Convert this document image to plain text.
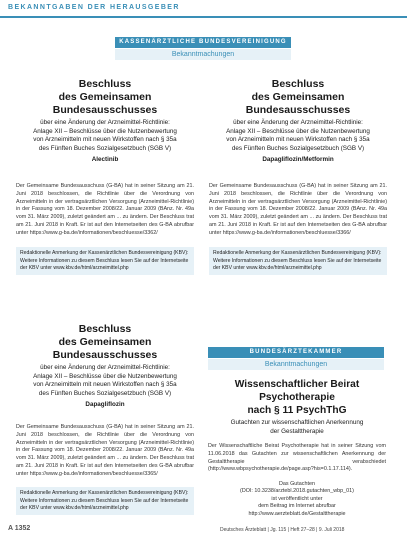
BEKANNTGABEN DER HERAUSGEBER
KASSENÄRZTLICHE BUNDESVEREINIGUNG
Bekanntmachungen
Beschluss
des Gemeinsamen Bundesausschusses
über eine Änderung der Arzneimittel-Richtlinie:
Anlage XII – Beschlüsse über die Nutzenbewertung
von Arzneimitteln mit neuen Wirkstoffen nach § 35a
des Fünften Buches Sozialgesetzbuch (SGB V)
Alectinib
Der Gemeinsame Bundesausschuss (G-BA) hat in seiner Sitzung am 21. Juni 2018 beschlossen, die Richtlinie über die Verordnung von Arzneimitteln in der vertragsärztlichen Versorgung (Arzneimittel-Richtlinie) in der Fassung vom 18. Dezember 2008/22. Januar 2009 (BAnz. Nr. 49a vom 31. März 2009), zuletzt geändert am ... zu ändern. Der Beschluss trat am 21. Juni 2018 in Kraft. Er ist auf den Internetseiten des G-BA abrufbar unter https://www.g-ba.de/informationen/beschluesse/3362/
Redaktionelle Anmerkung der Kassenärztlichen Bundesvereinigung (KBV): Weitere Informationen zu diesem Beschluss lesen Sie auf der Internetseite der KBV unter www.kbv.de/html/arzneimittel.php
Beschluss
des Gemeinsamen Bundesausschusses
über eine Änderung der Arzneimittel-Richtlinie:
Anlage XII – Beschlüsse über die Nutzenbewertung
von Arzneimitteln mit neuen Wirkstoffen nach § 35a
des Fünften Buches Sozialgesetzbuch (SGB V)
Dapagliflozin/Metformin
Der Gemeinsame Bundesausschuss (G-BA) hat in seiner Sitzung am 21. Juni 2018 beschlossen, die Richtlinie über die Verordnung von Arzneimitteln in der vertragsärztlichen Versorgung (Arzneimittel-Richtlinie) in der Fassung vom 18. Dezember 2008/22. Januar 2009 (BAnz. Nr. 49a vom 31. März 2009), zuletzt geändert am ... zu ändern. Der Beschluss trat am 21. Juni 2018 in Kraft. Er ist auf den Internetseiten des G-BA abrufbar unter https://www.g-ba.de/informationen/beschluesse/3366/
Redaktionelle Anmerkung der Kassenärztlichen Bundesvereinigung (KBV): Weitere Informationen zu diesem Beschluss lesen Sie auf der Internetseite der KBV unter www.kbv.de/html/arzneimittel.php
Beschluss
des Gemeinsamen Bundesausschusses
über eine Änderung der Arzneimittel-Richtlinie:
Anlage XII – Beschlüsse über die Nutzenbewertung
von Arzneimitteln mit neuen Wirkstoffen nach § 35a
des Fünften Buches Sozialgesetzbuch (SGB V)
Dapagliflozin
Der Gemeinsame Bundesausschuss (G-BA) hat in seiner Sitzung am 21. Juni 2018 beschlossen, die Richtlinie über die Verordnung von Arzneimitteln in der vertragsärztlichen Versorgung (Arzneimittel-Richtlinie) in der Fassung vom 18. Dezember 2008/22. Januar 2009 (BAnz. Nr. 49a vom 31. März 2009), zuletzt geändert am ... zu ändern. Der Beschluss trat am 21. Juni 2018 in Kraft. Er ist auf den Internetseiten des G-BA abrufbar unter https://www.g-ba.de/informationen/beschluesse/3365/
Redaktionelle Anmerkung der Kassenärztlichen Bundesvereinigung (KBV): Weitere Informationen zu diesem Beschluss lesen Sie auf der Internetseite der KBV unter www.kbv.de/html/arzneimittel.php
BUNDESÄRZTEKAMMER
Bekanntmachungen
Wissenschaftlicher Beirat Psychotherapie
nach § 11 PsychThG
Gutachten zur wissenschaftlichen Anerkennung
der Gestalttherapie
Der Wissenschaftliche Beirat Psychotherapie hat in seiner Sitzung vom 11.06.2018 das Gutachten zur wissenschaftlichen Anerkennung der Gestalttherapie verabschiedet (http://www.wbpsychotherapie.de/page.asp?his=0.1.17.114).
Das Gutachten
(DOI: 10.3238/arztebl.2018.gutachten_wbp_01)
ist veröffentlicht unter
dem Beitrag im Internet abrufbar
http://www.aerzteblatt.de/Gestalttherapie
A 1352	Deutsches Ärzteblatt | Jg. 115 | Heft 27–28 | 9. Juli 2018
